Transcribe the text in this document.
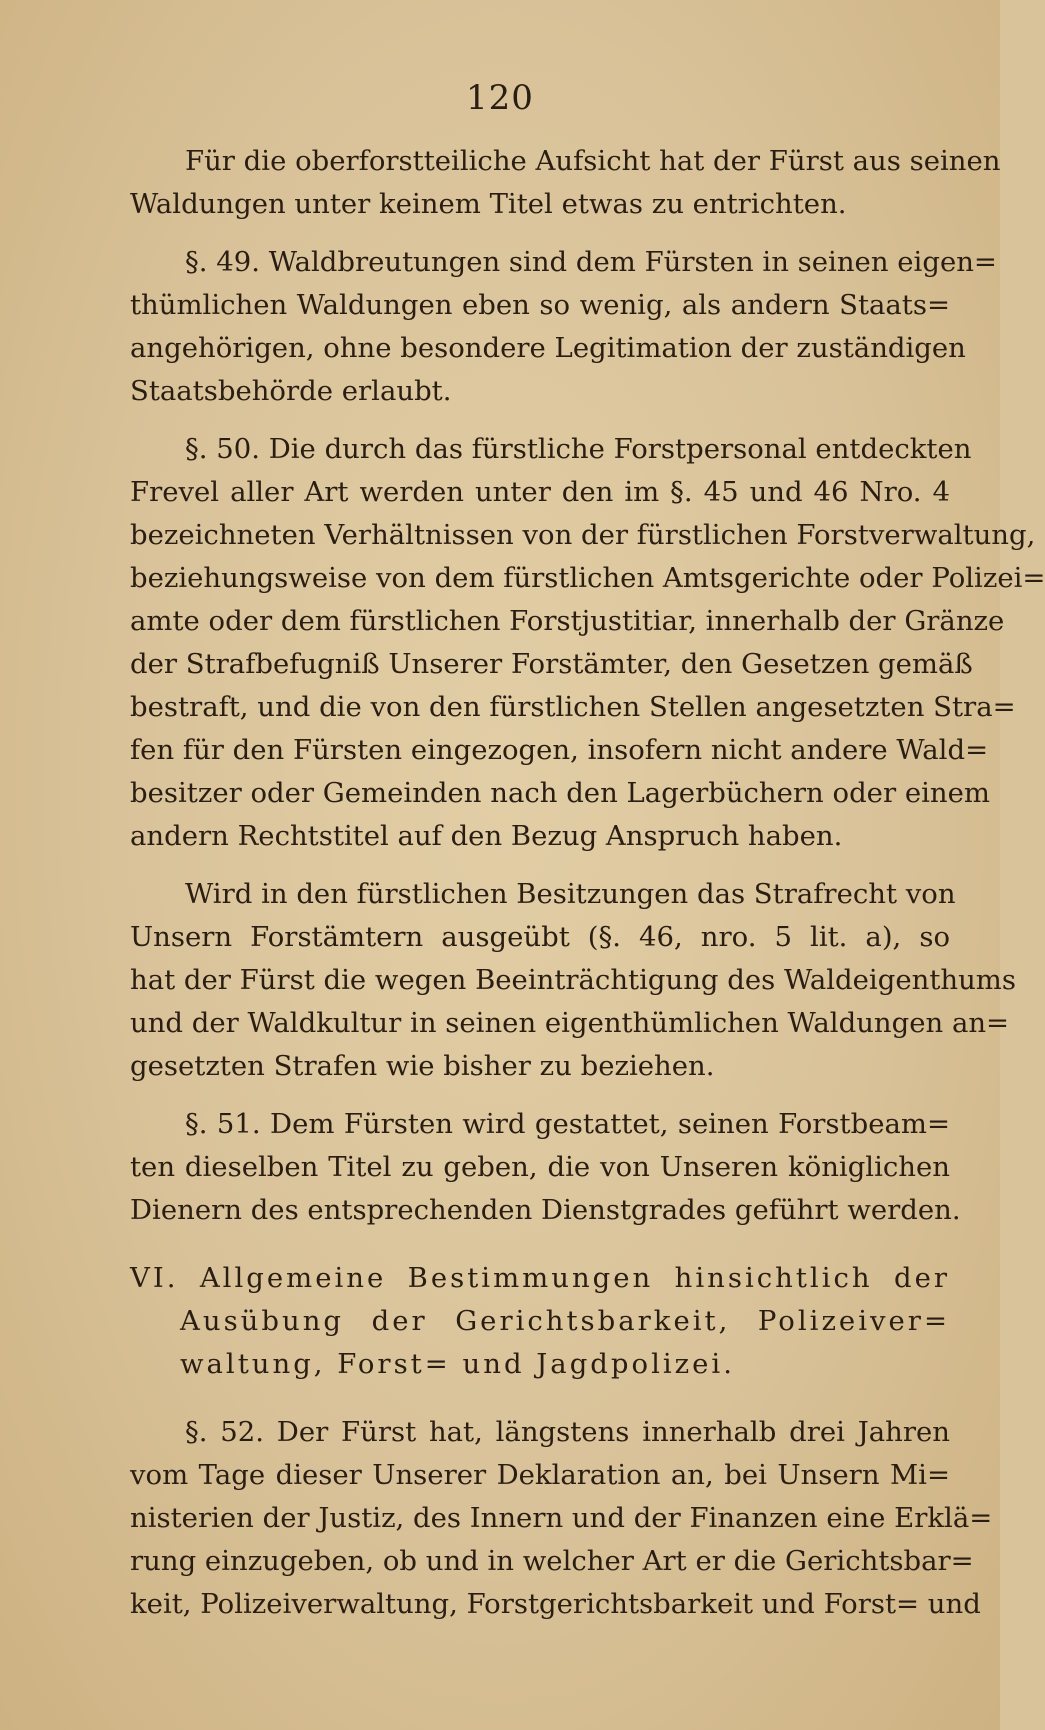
120
Für die oberforstteiliche Aufsicht hat der Fürst aus seinen
Waldungen unter keinem Titel etwas zu entrichten.
§. 49. Waldbreutungen sind dem Fürsten in seinen eigen=
thümlichen Waldungen eben so wenig, als andern Staats=
angehörigen, ohne besondere Legitimation der zuständigen
Staatsbehörde erlaubt.
§. 50. Die durch das fürstliche Forstpersonal entdeckten
Frevel aller Art werden unter den im §. 45 und 46 Nro. 4
bezeichneten Verhältnissen von der fürstlichen Forstverwaltung,
beziehungsweise von dem fürstlichen Amtsgerichte oder Polizei=
amte oder dem fürstlichen Forstjustitiar, innerhalb der Gränze
der Strafbefugniß Unserer Forstämter, den Gesetzen gemäß
bestraft, und die von den fürstlichen Stellen angesetzten Stra=
fen für den Fürsten eingezogen, insofern nicht andere Wald=
besitzer oder Gemeinden nach den Lagerbüchern oder einem
andern Rechtstitel auf den Bezug Anspruch haben.
Wird in den fürstlichen Besitzungen das Strafrecht von
Unsern Forstämtern ausgeübt (§. 46, nro. 5 lit. a), so
hat der Fürst die wegen Beeinträchtigung des Waldeigenthums
und der Waldkultur in seinen eigenthümlichen Waldungen an=
gesetzten Strafen wie bisher zu beziehen.
§. 51. Dem Fürsten wird gestattet, seinen Forstbeam=
ten dieselben Titel zu geben, die von Unseren königlichen
Dienern des entsprechenden Dienstgrades geführt werden.
VI. Allgemeine Bestimmungen hinsichtlich der
Ausübung der Gerichtsbarkeit, Polizeiver=
waltung, Forst= und Jagdpolizei.
§. 52. Der Fürst hat, längstens innerhalb drei Jahren
vom Tage dieser Unserer Deklaration an, bei Unsern Mi=
nisterien der Justiz, des Innern und der Finanzen eine Erklä=
rung einzugeben, ob und in welcher Art er die Gerichtsbar=
keit, Polizeiverwaltung, Forstgerichtsbarkeit und Forst= und
